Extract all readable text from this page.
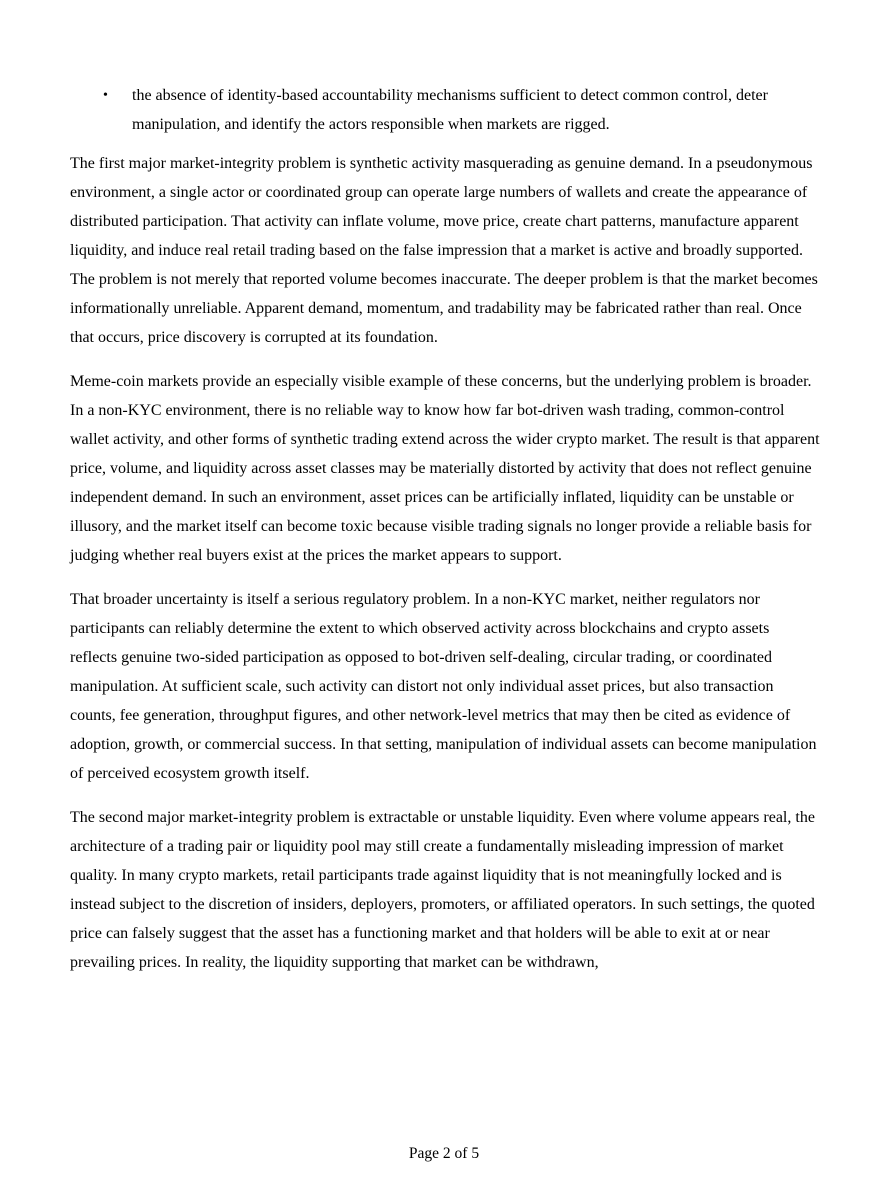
• the absence of identity-based accountability mechanisms sufficient to detect common control, deter manipulation, and identify the actors responsible when markets are rigged.

The first major market-integrity problem is synthetic activity masquerading as genuine demand. In a pseudonymous environment, a single actor or coordinated group can operate large numbers of wallets and create the appearance of distributed participation. That activity can inflate volume, move price, create chart patterns, manufacture apparent liquidity, and induce real retail trading based on the false impression that a market is active and broadly supported. The problem is not merely that reported volume becomes inaccurate. The deeper problem is that the market becomes informationally unreliable. Apparent demand, momentum, and tradability may be fabricated rather than real. Once that occurs, price discovery is corrupted at its foundation.

Meme-coin markets provide an especially visible example of these concerns, but the underlying problem is broader. In a non-KYC environment, there is no reliable way to know how far bot-driven wash trading, common-control wallet activity, and other forms of synthetic trading extend across the wider crypto market. The result is that apparent price, volume, and liquidity across asset classes may be materially distorted by activity that does not reflect genuine independent demand. In such an environment, asset prices can be artificially inflated, liquidity can be unstable or illusory, and the market itself can become toxic because visible trading signals no longer provide a reliable basis for judging whether real buyers exist at the prices the market appears to support.

That broader uncertainty is itself a serious regulatory problem. In a non-KYC market, neither regulators nor participants can reliably determine the extent to which observed activity across blockchains and crypto assets reflects genuine two-sided participation as opposed to bot-driven self-dealing, circular trading, or coordinated manipulation. At sufficient scale, such activity can distort not only individual asset prices, but also transaction counts, fee generation, throughput figures, and other network-level metrics that may then be cited as evidence of adoption, growth, or commercial success. In that setting, manipulation of individual assets can become manipulation of perceived ecosystem growth itself.

The second major market-integrity problem is extractable or unstable liquidity. Even where volume appears real, the architecture of a trading pair or liquidity pool may still create a fundamentally misleading impression of market quality. In many crypto markets, retail participants trade against liquidity that is not meaningfully locked and is instead subject to the discretion of insiders, deployers, promoters, or affiliated operators. In such settings, the quoted price can falsely suggest that the asset has a functioning market and that holders will be able to exit at or near prevailing prices. In reality, the liquidity supporting that market can be withdrawn,

Page 2 of 5
